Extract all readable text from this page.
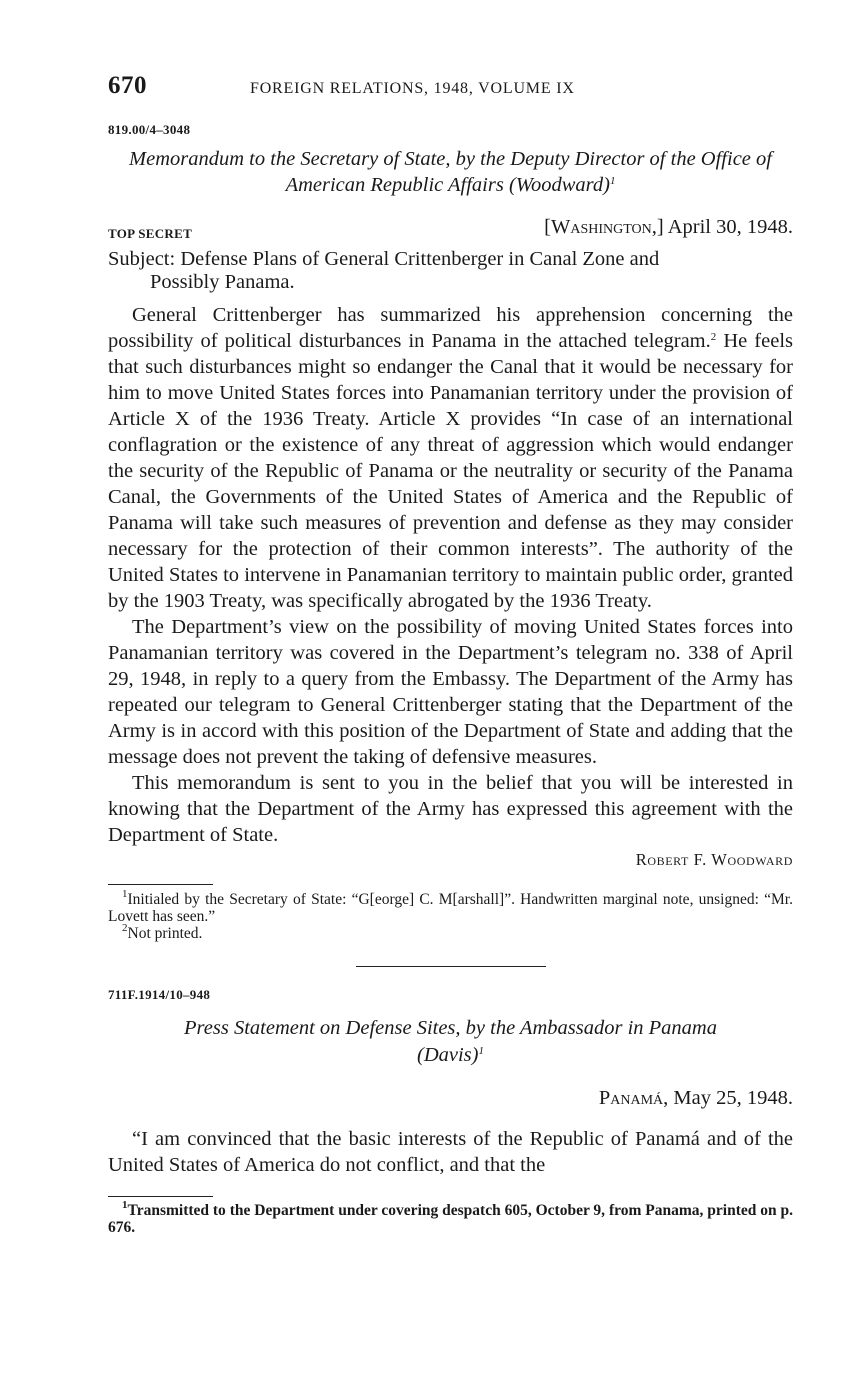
670	FOREIGN RELATIONS, 1948, VOLUME IX
819.00/4–3048
Memorandum to the Secretary of State, by the Deputy Director of the Office of American Republic Affairs (Woodward)$^1$
TOP SECRET	[Washington,] April 30, 1948.
Subject: Defense Plans of General Crittenberger in Canal Zone and
Possibly Panama.

General Crittenberger has summarized his apprehension concerning the possibility of political disturbances in Panama in the attached telegram.$^2$ He feels that such disturbances might so endanger the Canal that it would be necessary for him to move United States forces into Panamanian territory under the provision of Article X of the 1936 Treaty. Article X provides “In case of an international conflagration or the existence of any threat of aggression which would endanger the security of the Republic of Panama or the neutrality or security of the Panama Canal, the Governments of the United States of America and the Republic of Panama will take such measures of prevention and defense as they may consider necessary for the protection of their common interests”. The authority of the United States to intervene in Panamanian territory to maintain public order, granted by the 1903 Treaty, was specifically abrogated by the 1936 Treaty.

The Department’s view on the possibility of moving United States forces into Panamanian territory was covered in the Department’s telegram no. 338 of April 29, 1948, in reply to a query from the Embassy. The Department of the Army has repeated our telegram to General Crittenberger stating that the Department of the Army is in accord with this position of the Department of State and adding that the message does not prevent the taking of defensive measures.

This memorandum is sent to you in the belief that you will be interested in knowing that the Department of the Army has expressed this agreement with the Department of State.

Robert F. Woodward

$^1$Initialed by the Secretary of State: “G[eorge] C. M[arshall]”. Handwritten marginal note, unsigned: “Mr. Lovett has seen.”

$^2$Not printed.

711F.1914/10–948
Press Statement on Defense Sites, by the Ambassador in Panama
(Davis)$^1$
Panamá, May 25, 1948.
“I am convinced that the basic interests of the Republic of Panamá and of the United States of America do not conflict, and that the

$^1$Transmitted to the Department under covering despatch 605, October 9, from Panama, printed on p. 676.
